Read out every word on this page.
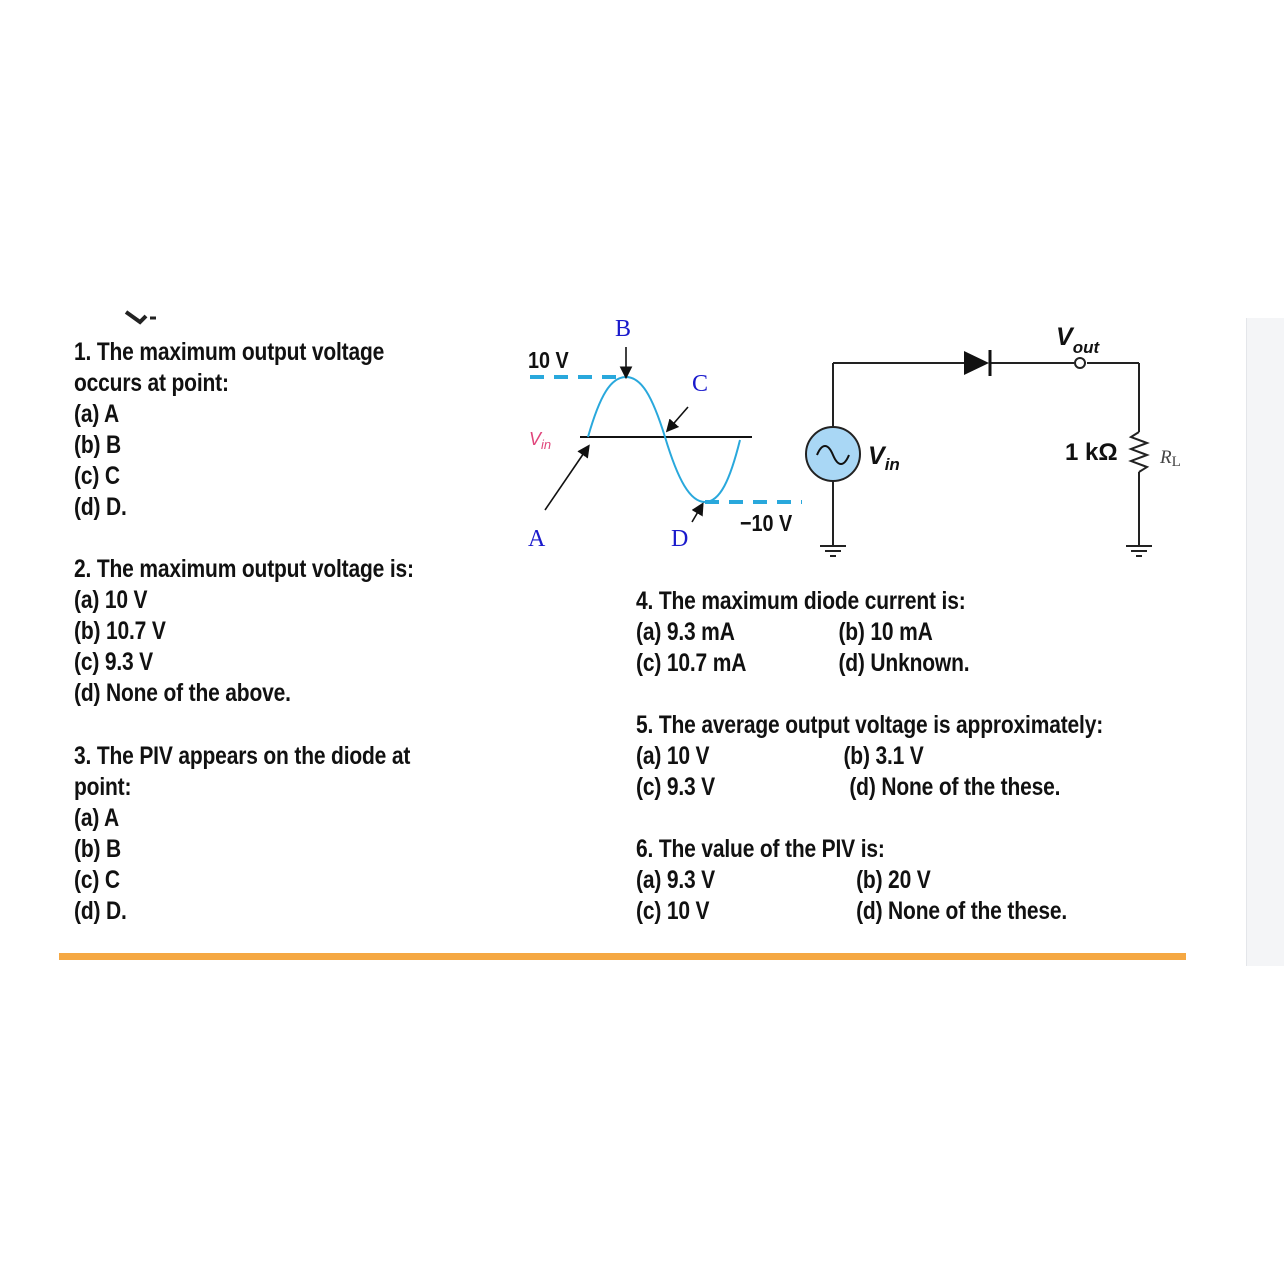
10 V
−10 V
$V_{in}$
B
C
A	D
$V_{out}$
$V_{in}$	1 kΩ RL
1. The maximum output voltage
occurs at point:
(a) A
(b) B
(c) C
(d) D.
2. The maximum output voltage is:
(a) 10 V
(b) 10.7 V
(c) 9.3 V
(d) None of the above.
3. The PIV appears on the diode at
point:
(a) A
(b) B
(c) C
(d) D.
4. The maximum diode current is:
(a) 9.3 mA	(b) 10 mA
(c) 10.7 mA	(d) Unknown.
5. The average output voltage is approximately:
(a) 10 V	(b) 3.1 V
(c) 9.3 V	(d) None of the these.
6. The value of the PIV is:
(a) 9.3 V	(b) 20 V
(c) 10 V	(d) None of the these.
